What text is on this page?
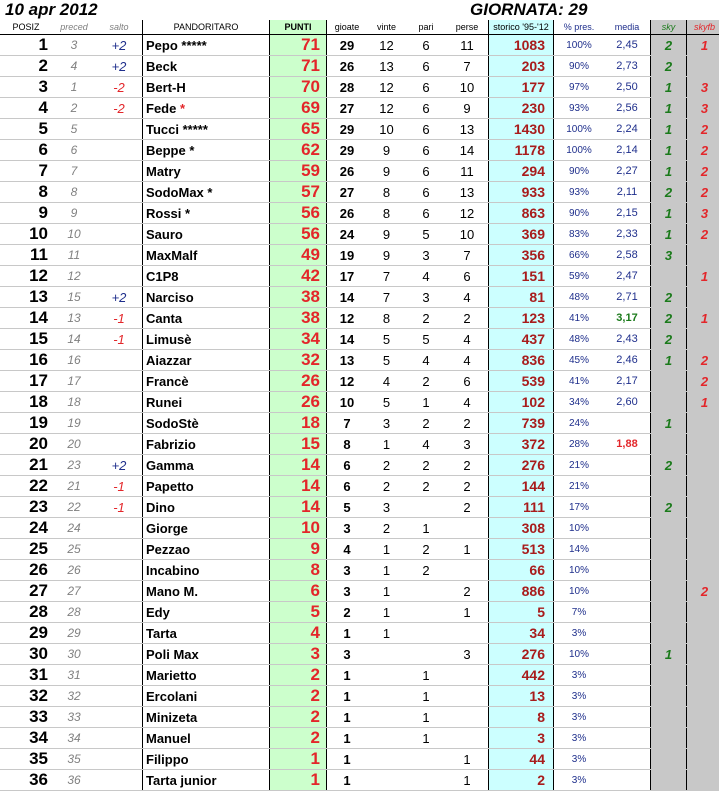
10 apr 2012	GIORNATA: 29
POSIZ	preced	salto	PANDORITARO	PUNTI	gioate	vinte	pari	perse	storico '95-'12	% pres.	media	sky	skyfb
1	3	+2	Pepo *****	71	29	12	6	11	1083	100%	2,45	2	1
2	4	+2	Beck	71	26	13	6	7	203	90%	2,73	2	
3	1	-2	Bert-H	70	28	12	6	10	177	97%	2,50	1	3
4	2	-2	Fede *	69	27	12	6	9	230	93%	2,56	1	3
5	5		Tucci *****	65	29	10	6	13	1430	100%	2,24	1	2
6	6		Beppe *	62	29	9	6	14	1178	100%	2,14	1	2
7	7		Matry	59	26	9	6	11	294	90%	2,27	1	2
8	8		SodoMax *	57	27	8	6	13	933	93%	2,11	2	2
9	9		Rossi *	56	26	8	6	12	863	90%	2,15	1	3
10	10		Sauro	56	24	9	5	10	369	83%	2,33	1	2
11	11		MaxMalf	49	19	9	3	7	356	66%	2,58	3	
12	12		C1P8	42	17	7	4	6	151	59%	2,47		1
13	15	+2	Narciso	38	14	7	3	4	81	48%	2,71	2	
14	13	-1	Canta	38	12	8	2	2	123	41%	3,17	2	1
15	14	-1	Limusè	34	14	5	5	4	437	48%	2,43	2	
16	16		Aiazzar	32	13	5	4	4	836	45%	2,46	1	2
17	17		Francè	26	12	4	2	6	539	41%	2,17		2
18	18		Runei	26	10	5	1	4	102	34%	2,60		1
19	19		SodoStè	18	7	3	2	2	739	24%		1	
20	20		Fabrizio	15	8	1	4	3	372	28%	1,88		
21	23	+2	Gamma	14	6	2	2	2	276	21%		2	
22	21	-1	Papetto	14	6	2	2	2	144	21%			
23	22	-1	Dino	14	5	3		2	111	17%		2	
24	24		Giorge	10	3	2	1		308	10%			
25	25		Pezzao	9	4	1	2	1	513	14%			
26	26		Incabino	8	3	1	2		66	10%			
27	27		Mano M.	6	3	1		2	886	10%			2
28	28		Edy	5	2	1		1	5	7%			
29	29		Tarta	4	1	1			34	3%			
30	30		Poli Max	3	3			3	276	10%		1	
31	31		Marietto	2	1		1		442	3%			
32	32		Ercolani	2	1		1		13	3%			
33	33		Minizeta	2	1		1		8	3%			
34	34		Manuel	2	1		1		3	3%			
35	35		Filippo	1	1			1	44	3%			
36	36		Tarta junior	1	1			1	2	3%			
